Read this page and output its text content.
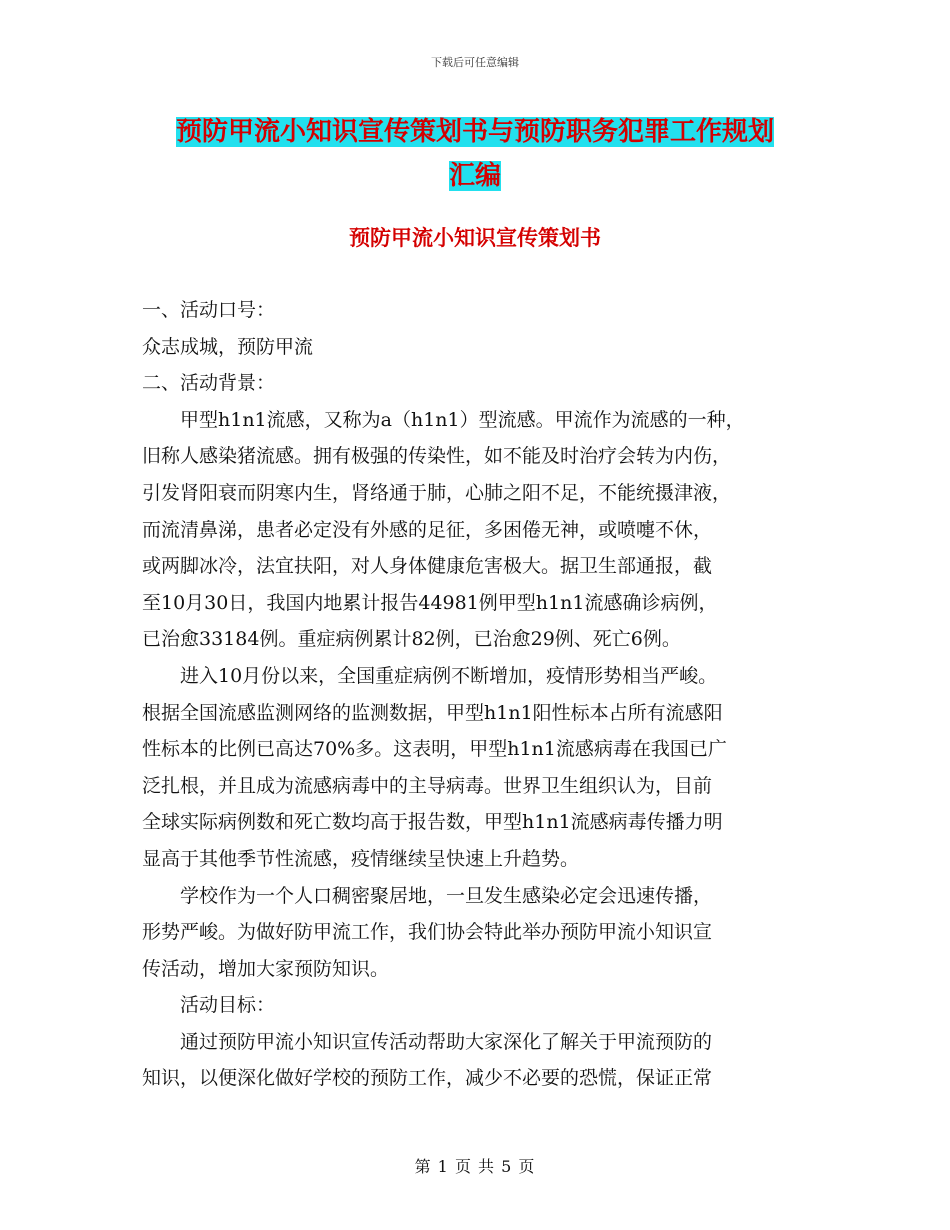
下载后可任意编辑
预防甲流小知识宣传策划书与预防职务犯罪工作规划
汇编
预防甲流小知识宣传策划书

一、活动口号：

众志成城，预防甲流

二、活动背景：

　　甲型h1n1流感，又称为a（h1n1）型流感。甲流作为流感的一种，
旧称人感染猪流感。拥有极强的传染性，如不能及时治疗会转为内伤，
引发肾阳衰而阴寒内生，肾络通于肺，心肺之阳不足，不能统摄津液，
而流清鼻涕，患者必定没有外感的足征，多困倦无神，或喷嚏不休，
或两脚冰冷，法宜扶阳，对人身体健康危害极大。据卫生部通报，截
至10月30日，我国内地累计报告44981例甲型h1n1流感确诊病例，
已治愈33184例。重症病例累计82例，已治愈29例、死亡6例。

　　进入10月份以来，全国重症病例不断增加，疫情形势相当严峻。
根据全国流感监测网络的监测数据，甲型h1n1阳性标本占所有流感阳
性标本的比例已高达70%多。这表明，甲型h1n1流感病毒在我国已广
泛扎根，并且成为流感病毒中的主导病毒。世界卫生组织认为，目前
全球实际病例数和死亡数均高于报告数，甲型h1n1流感病毒传播力明
显高于其他季节性流感，疫情继续呈快速上升趋势。

　　学校作为一个人口稠密聚居地，一旦发生感染必定会迅速传播，
形势严峻。为做好防甲流工作，我们协会特此举办预防甲流小知识宣
传活动，增加大家预防知识。

　　活动目标：

　　通过预防甲流小知识宣传活动帮助大家深化了解关于甲流预防的
知识，以便深化做好学校的预防工作，减少不必要的恐慌，保证正常

第 1 页 共 5 页
